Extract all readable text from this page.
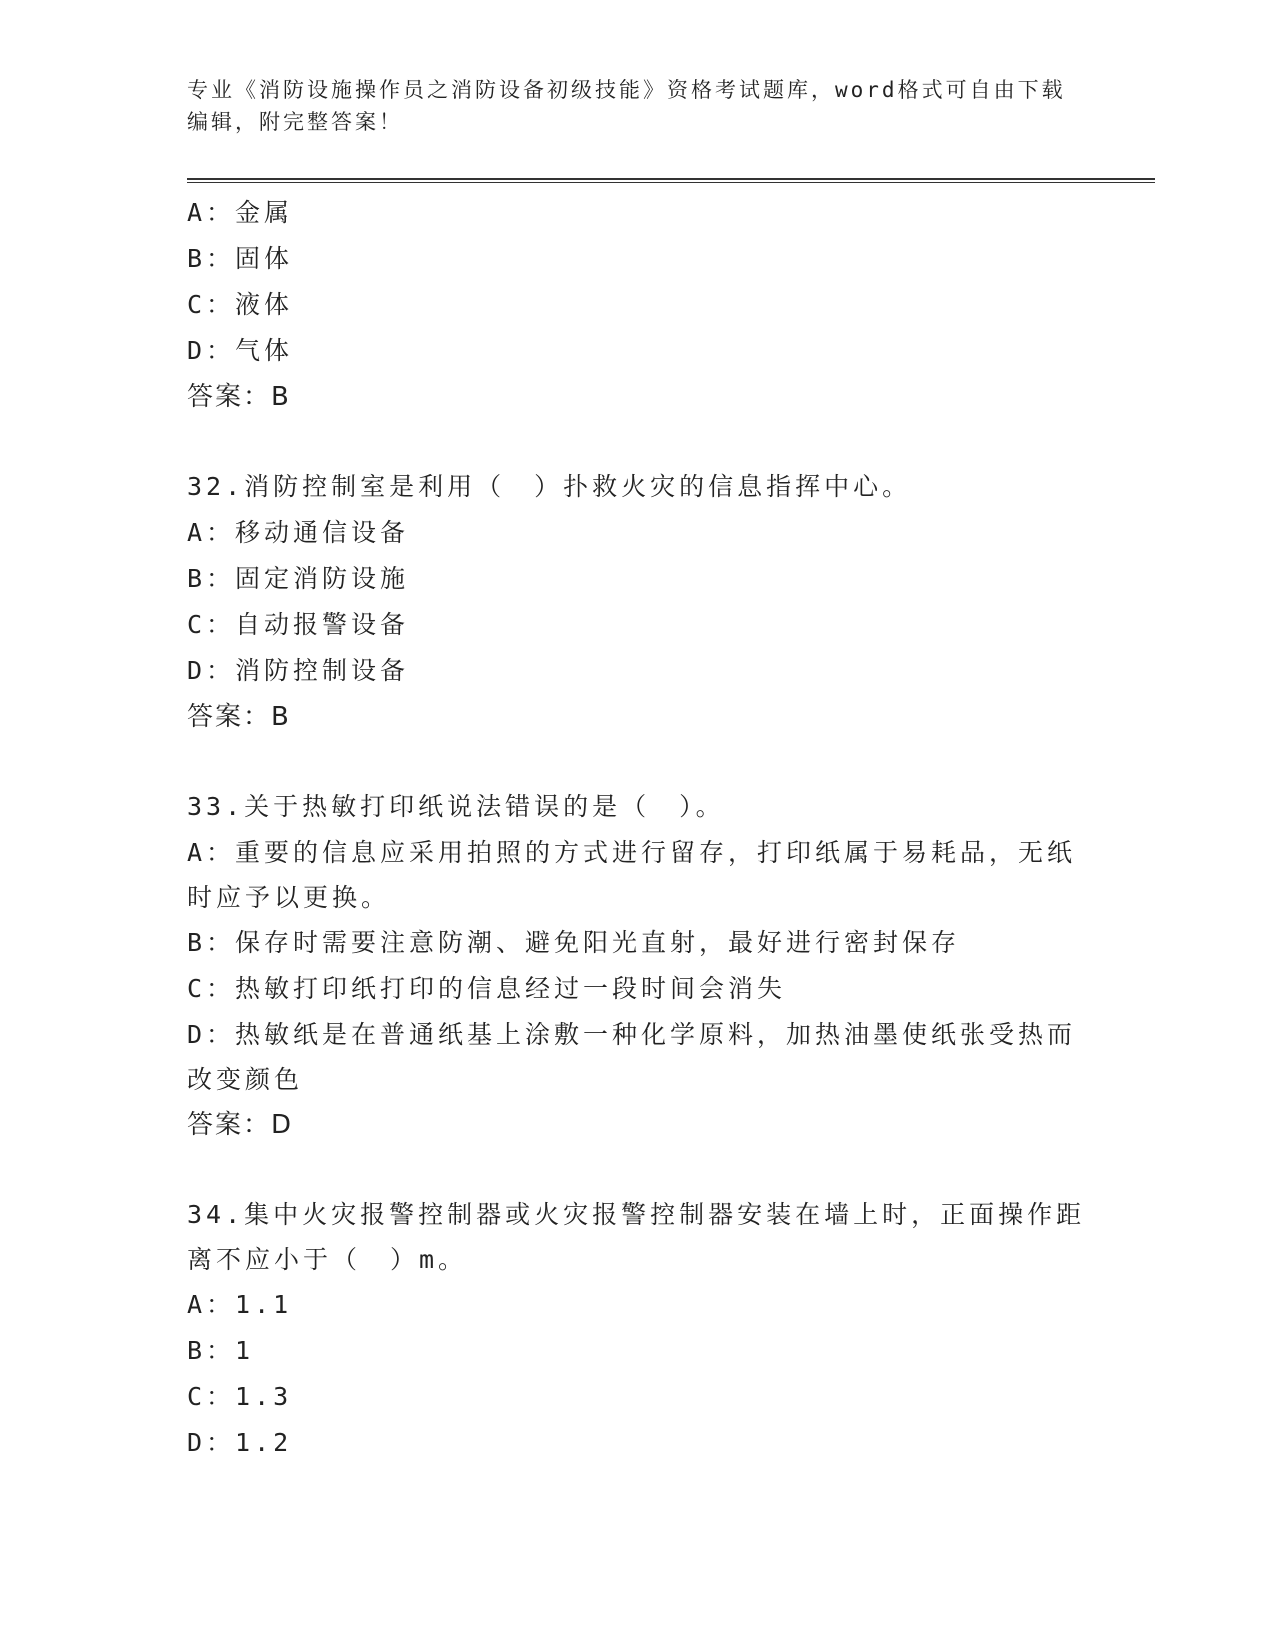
专业《消防设施操作员之消防设备初级技能》资格考试题库，word格式可自由下载编辑，附完整答案！
A：金属
B：固体
C：液体
D：气体
答案：B
32.消防控制室是利用（　）扑救火灾的信息指挥中心。
A：移动通信设备
B：固定消防设施
C：自动报警设备
D：消防控制设备
答案：B
33.关于热敏打印纸说法错误的是（　）。
A：重要的信息应采用拍照的方式进行留存，打印纸属于易耗品，无纸时应予以更换。
B：保存时需要注意防潮、避免阳光直射，最好进行密封保存
C：热敏打印纸打印的信息经过一段时间会消失
D：热敏纸是在普通纸基上涂敷一种化学原料，加热油墨使纸张受热而改变颜色
答案：D
34.集中火灾报警控制器或火灾报警控制器安装在墙上时，正面操作距离不应小于（　）m。
A：1.1
B：1
C：1.3
D：1.2
